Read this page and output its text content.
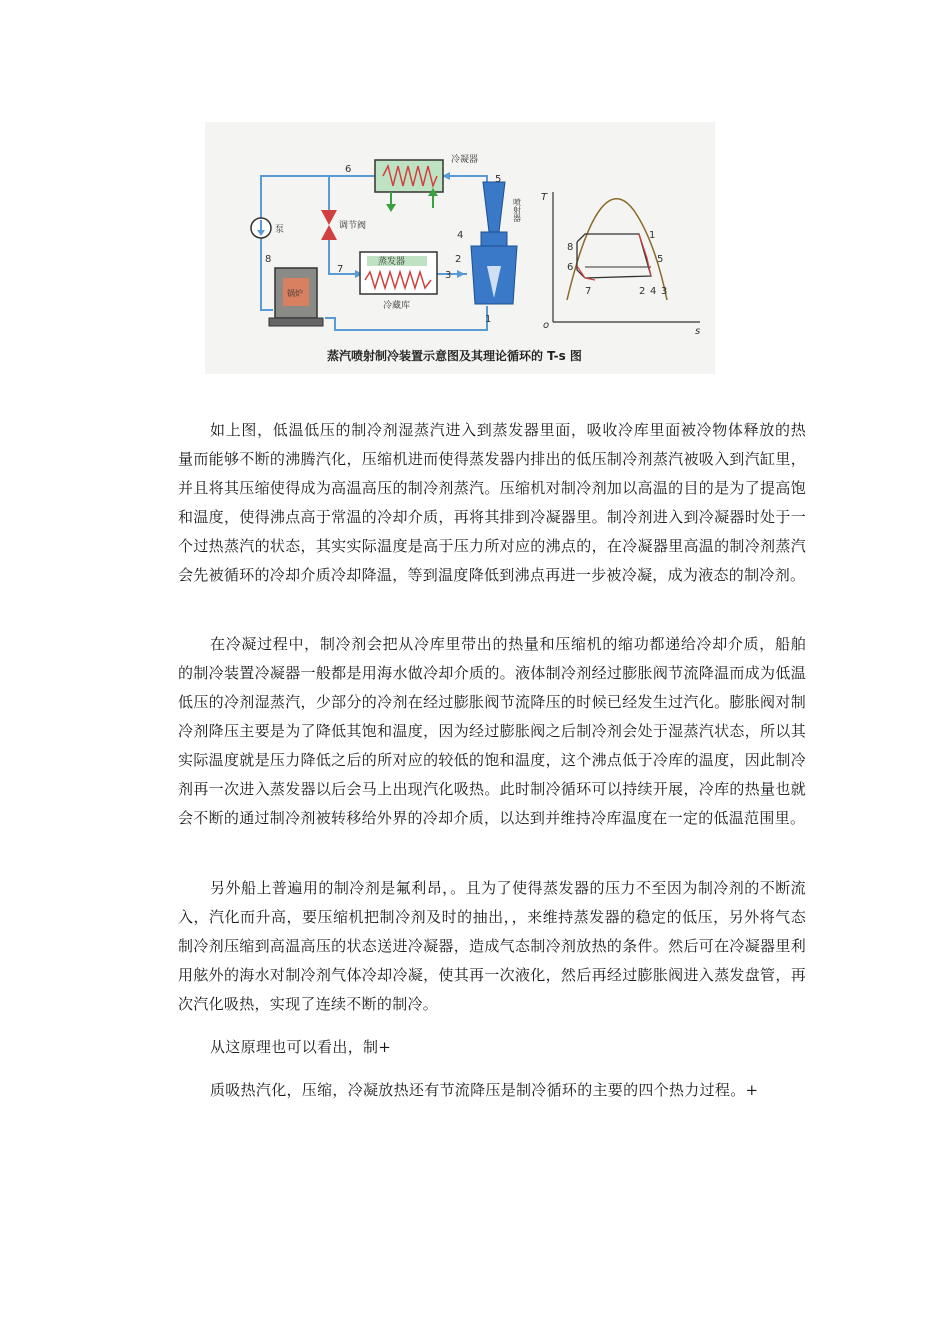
冷凝器
蒸发器
冷藏库
调节阀
泵
锅炉
喷射器
1
2
3
4
5
6
7
8
T
s
o
1
2 3
4
5
6
7
8
蒸汽喷射制冷装置示意图及其理论循环的 T-s 图

如上图，低温低压的制冷剂湿蒸汽进入到蒸发器里面，吸收冷库里面被冷物体释放的热量而能够不断的沸腾汽化，压缩机进而使得蒸发器内排出的低压制冷剂蒸汽被吸入到汽缸里，并且将其压缩使得成为高温高压的制冷剂蒸汽。压缩机对制冷剂加以高温的目的是为了提高饱和温度，使得沸点高于常温的冷却介质，再将其排到冷凝器里。制冷剂进入到冷凝器时处于一个过热蒸汽的状态，其实实际温度是高于压力所对应的沸点的，在冷凝器里高温的制冷剂蒸汽会先被循环的冷却介质冷却降温，等到温度降低到沸点再进一步被冷凝，成为液态的制冷剂。

在冷凝过程中，制冷剂会把从冷库里带出的热量和压缩机的缩功都递给冷却介质，船舶的制冷装置冷凝器一般都是用海水做冷却介质的。液体制冷剂经过膨胀阀节流降温而成为低温低压的冷剂湿蒸汽，少部分的冷剂在经过膨胀阀节流降压的时候已经发生过汽化。膨胀阀对制冷剂降压主要是为了降低其饱和温度，因为经过膨胀阀之后制冷剂会处于湿蒸汽状态，所以其实际温度就是压力降低之后的所对应的较低的饱和温度，这个沸点低于冷库的温度，因此制冷剂再一次进入蒸发器以后会马上出现汽化吸热。此时制冷循环可以持续开展，冷库的热量也就会不断的通过制冷剂被转移给外界的冷却介质，以达到并维持冷库温度在一定的低温范围里。

另外船上普遍用的制冷剂是氟利昂，。且为了使得蒸发器的压力不至因为制冷剂的不断流入，汽化而升高，要压缩机把制冷剂及时的抽出，，来维持蒸发器的稳定的低压，另外将气态制冷剂压缩到高温高压的状态送进冷凝器，造成气态制冷剂放热的条件。然后可在冷凝器里利用舷外的海水对制冷剂气体冷却冷凝，使其再一次液化，然后再经过膨胀阀进入蒸发盘管，再次汽化吸热，实现了连续不断的制冷。

从这原理也可以看出，制+

质吸热汽化，压缩，冷凝放热还有节流降压是制冷循环的主要的四个热力过程。+
